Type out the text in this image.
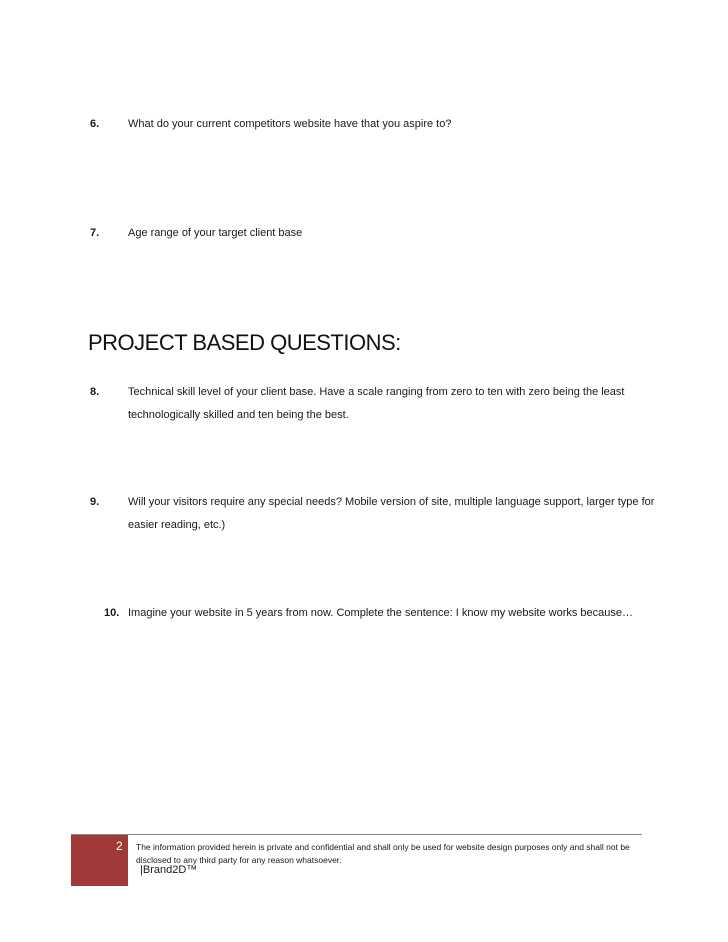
6.	What do your current competitors website have that you aspire to?
7.	Age range of your target client base
PROJECT BASED QUESTIONS:
8.	Technical skill level of your client base. Have a scale ranging from zero to ten with zero being the least technologically skilled and ten being the best.
9.	Will your visitors require any special needs? Mobile version of site, multiple language support, larger type for easier reading, etc.)
10. Imagine your website in 5 years from now. Complete the sentence: I know my website works because…
2 The information provided herein is private and confidential and shall only be used for website design purposes only and shall not be disclosed to any third party for any reason whatsoever.
|Brand2D™
